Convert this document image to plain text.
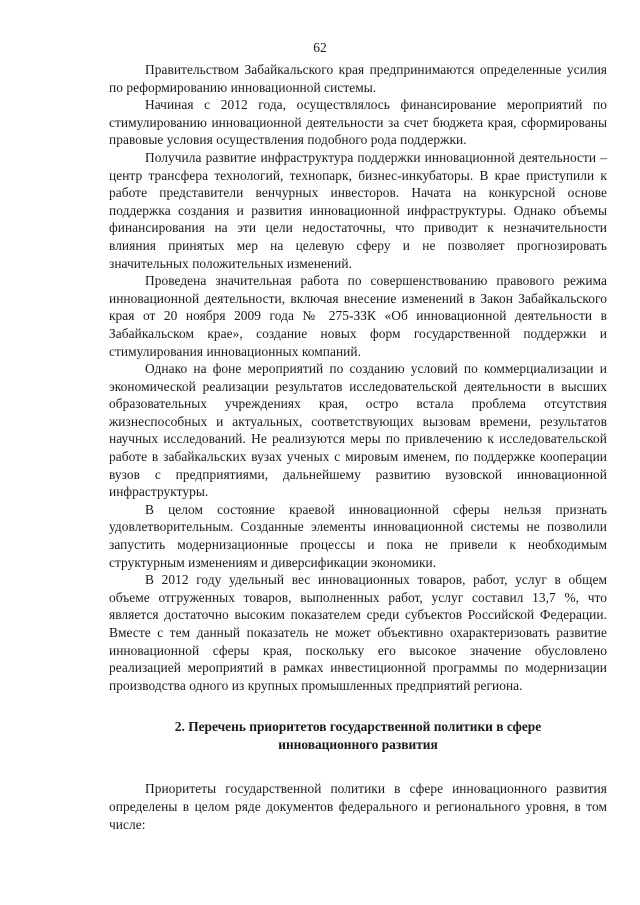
62

Правительством Забайкальского края предпринимаются определенные усилия по реформированию инновационной системы.

Начиная с 2012 года, осуществлялось финансирование мероприятий по стимулированию инновационной деятельности за счет бюджета края, сформированы правовые условия осуществления подобного рода поддержки.

Получила развитие инфраструктура поддержки инновационной деятельности – центр трансфера технологий, технопарк, бизнес-инкубаторы. В крае приступили к работе представители венчурных инвесторов. Начата на конкурсной основе поддержка создания и развития инновационной инфраструктуры. Однако объемы финансирования на эти цели недостаточны, что приводит к незначительности влияния принятых мер на целевую сферу и не позволяет прогнозировать значительных положительных изменений.

Проведена значительная работа по совершенствованию правового режима инновационной деятельности, включая внесение изменений в Закон Забайкальского края от 20 ноября 2009 года № 275-ЗЗК «Об инновационной деятельности в Забайкальском крае», создание новых форм государственной поддержки и стимулирования инновационных компаний.

Однако на фоне мероприятий по созданию условий по коммерциализации и экономической реализации результатов исследовательской деятельности в высших образовательных учреждениях края, остро встала проблема отсутствия жизнеспособных и актуальных, соответствующих вызовам времени, результатов научных исследований. Не реализуются меры по привлечению к исследовательской работе в забайкальских вузах ученых с мировым именем, по поддержке кооперации вузов с предприятиями, дальнейшему развитию вузовской инновационной инфраструктуры.

В целом состояние краевой инновационной сферы нельзя признать удовлетворительным. Созданные элементы инновационной системы не позволили запустить модернизационные процессы и пока не привели к необходимым структурным изменениям и диверсификации экономики.

В 2012 году удельный вес инновационных товаров, работ, услуг в общем объеме отгруженных товаров, выполненных работ, услуг составил 13,7 %, что является достаточно высоким показателем среди субъектов Российской Федерации. Вместе с тем данный показатель не может объективно охарактеризовать развитие инновационной сферы края, поскольку его высокое значение обусловлено реализацией мероприятий в рамках инвестиционной программы по модернизации производства одного из крупных промышленных предприятий региона.

2. Перечень приоритетов государственной политики в сфере инновационного развития

Приоритеты государственной политики в сфере инновационного развития определены в целом ряде документов федерального и регионального уровня, в том числе:
